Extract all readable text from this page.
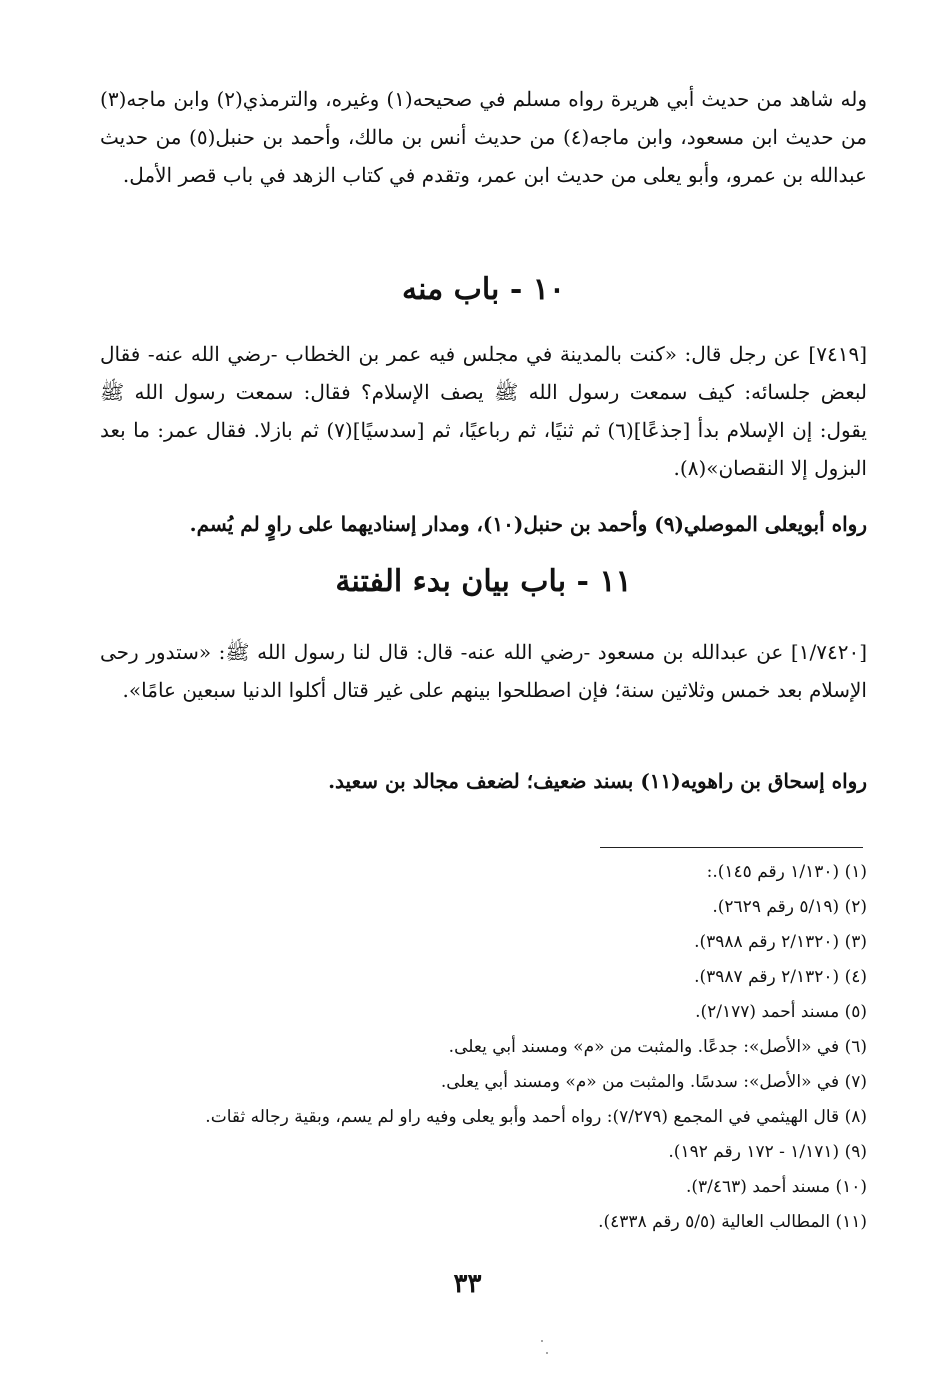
وله شاهد من حديث أبي هريرة رواه مسلم في صحيحه(١) وغيره، والترمذي(٢) وابن ماجه(٣) من حديث ابن مسعود، وابن ماجه(٤) من حديث أنس بن مالك، وأحمد بن حنبل(٥) من حديث عبدالله بن عمرو، وأبو يعلى من حديث ابن عمر، وتقدم في كتاب الزهد في باب قصر الأمل.

١٠ - باب منه

[٧٤١٩] عن رجل قال: «كنت بالمدينة في مجلس فيه عمر بن الخطاب -رضي الله عنه- فقال لبعض جلسائه: كيف سمعت رسول الله ﷺ يصف الإسلام؟ فقال: سمعت رسول الله ﷺ يقول: إن الإسلام بدأ [جذعًا](٦) ثم ثنيًا، ثم رباعيًا، ثم [سدسيًا](٧) ثم بازلا. فقال عمر: ما بعد البزول إلا النقصان»(٨).

رواه أبويعلى الموصلي(٩) وأحمد بن حنبل(١٠)، ومدار إسناديهما على راوٍ لم يُسم.
١١ - باب بيان بدء الفتنة

[١/٧٤٢٠] عن عبدالله بن مسعود -رضي الله عنه- قال: قال لنا رسول الله ﷺ: «ستدور رحى الإسلام بعد خمس وثلاثين سنة؛ فإن اصطلحوا بينهم على غير قتال أكلوا الدنيا سبعين عامًا».

رواه إسحاق بن راهويه(١١) بسند ضعيف؛ لضعف مجالد بن سعيد.
(١) (١/١٣٠ رقم ١٤٥).:
(٢) (٥/١٩ رقم ٢٦٢٩).
(٣) (٢/١٣٢٠ رقم ٣٩٨٨).
(٤) (٢/١٣٢٠ رقم ٣٩٨٧).
(٥) مسند أحمد (٢/١٧٧).
(٦) في «الأصل»: جدعًا. والمثبت من «م» ومسند أبي يعلى.
(٧) في «الأصل»: سدسًا. والمثبت من «م» ومسند أبي يعلى.
(٨) قال الهيثمي في المجمع (٧/٢٧٩): رواه أحمد وأبو يعلى وفيه راو لم يسم، وبقية رجاله ثقات.
(٩) (١/١٧١ - ١٧٢ رقم ١٩٢).
(١٠) مسند أحمد (٣/٤٦٣).
(١١) المطالب العالية (٥/٥ رقم ٤٣٣٨).
٣٣
